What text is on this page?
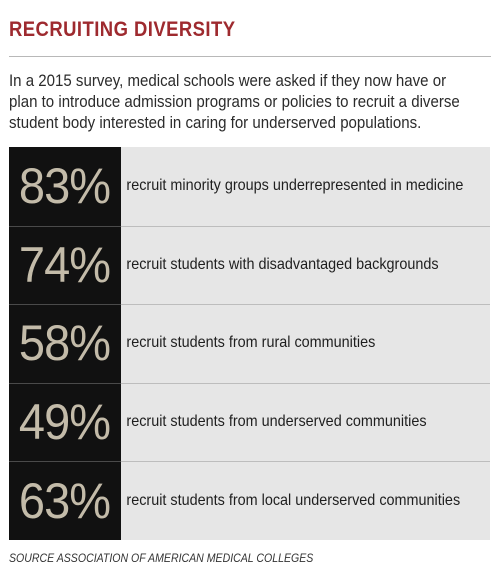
RECRUITING DIVERSITY
In a 2015 survey, medical schools were asked if they now have or plan to introduce admission programs or policies to recruit a diverse student body interested in caring for underserved populations.
83% recruit minority groups underrepresented in medicine
74% recruit students with disadvantaged backgrounds
58% recruit students from rural communities
49% recruit students from underserved communities
63% recruit students from local underserved communities
SOURCE ASSOCIATION OF AMERICAN MEDICAL COLLEGES
